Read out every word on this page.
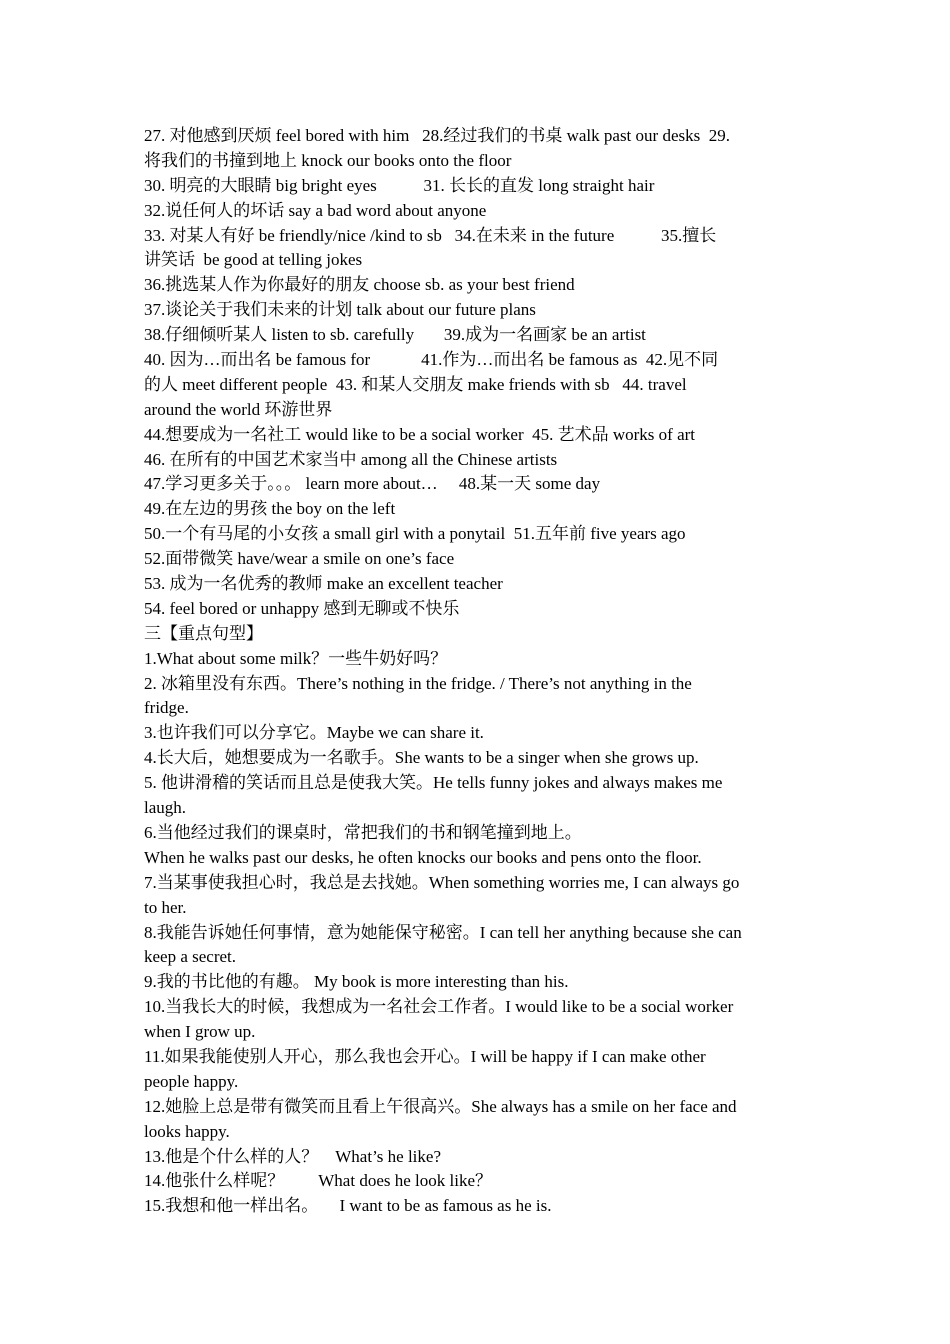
27. 对他感到厌烦 feel bored with him   28.经过我们的书桌 walk past our desks  29.
将我们的书撞到地上 knock our books onto the floor
30. 明亮的大眼睛 big bright eyes           31. 长长的直发 long straight hair
32.说任何人的坏话 say a bad word about anyone
33. 对某人有好 be friendly/nice /kind to sb   34.在未来 in the future           35.擅长
讲笑话  be good at telling jokes
36.挑选某人作为你最好的朋友 choose sb. as your best friend
37.谈论关于我们未来的计划 talk about our future plans
38.仔细倾听某人 listen to sb. carefully       39.成为一名画家 be an artist
40. 因为…而出名 be famous for            41.作为…而出名 be famous as  42.见不同
的人 meet different people  43. 和某人交朋友 make friends with sb   44. travel
around the world 环游世界
44.想要成为一名社工 would like to be a social worker  45. 艺术品 works of art
46. 在所有的中国艺术家当中 among all the Chinese artists
47.学习更多关于。。。 learn more about…     48.某一天 some day
49.在左边的男孩 the boy on the left
50.一个有马尾的小女孩 a small girl with a ponytail  51.五年前 five years ago
52.面带微笑 have/wear a smile on one’s face
53. 成为一名优秀的教师 make an excellent teacher
54. feel bored or unhappy 感到无聊或不快乐
三【重点句型】
1.What about some milk？一些牛奶好吗？
2. 冰箱里没有东西。There’s nothing in the fridge. / There’s not anything in the
fridge.
3.也许我们可以分享它。Maybe we can share it.
4.长大后，她想要成为一名歌手。She wants to be a singer when she grows up.
5. 他讲滑稽的笑话而且总是使我大笑。He tells funny jokes and always makes me
laugh.
6.当他经过我们的课桌时，常把我们的书和钢笔撞到地上。
When he walks past our desks, he often knocks our books and pens onto the floor.
7.当某事使我担心时，我总是去找她。When something worries me, I can always go
to her.
8.我能告诉她任何事情，意为她能保守秘密。I can tell her anything because she can
keep a secret.
9.我的书比他的有趣。 My book is more interesting than his.
10.当我长大的时候，我想成为一名社会工作者。I would like to be a social worker
when I grow up.
11.如果我能使别人开心，那么我也会开心。I will be happy if I can make other
people happy.
12.她脸上总是带有微笑而且看上午很高兴。She always has a smile on her face and
looks happy.
13.他是个什么样的人？    What’s he like?
14.他张什么样呢？        What does he look like？
15.我想和他一样出名。     I want to be as famous as he is.
